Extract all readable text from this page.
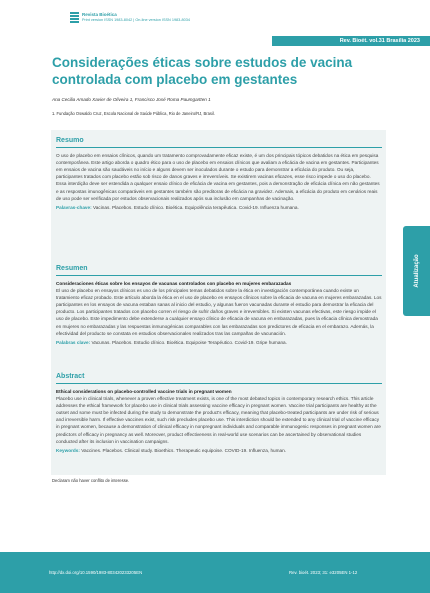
Revista Bioética
Print version ISSN 1983-8042 | On-line version ISSN 1983-8034
Rev. Bioét. vol.31 Brasília 2023
Considerações éticas sobre estudos de vacina controlada com placebo em gestantes
Ana Cecilia Amado Xavier de Oliveira 1, Francisco José Roma Paumgartten 1
1. Fundação Oswaldo Cruz, Escola Nacional de Saúde Pública, Rio de Janeiro/RJ, Brasil.
Resumo

O uso de placebo em ensaios clínicos, quando um tratamento comprovadamente eficaz existe, é um dos principais tópicos debatidos na ética em pesquisa contemporânea. Este artigo aborda o quadro ético para o uso de placebo em ensaios clínicos que avaliam a eficácia de vacina em gestantes. Participantes em ensaios de vacina são saudáveis no início e alguns devem ser inoculados durante o estudo para demonstrar a eficácia do produto. Ou seja, participantes tratados com placebo estão sob risco de danos graves e irreversíveis. Se existirem vacinas eficazes, esse risco impede o uso do placebo. Essa interdição deve ser estendida a qualquer ensaio clínico de eficácia de vacina em gestantes, pois a demonstração de eficácia clínica em não gestantes e as respostas imunogênicas comparáveis em gestantes também são preditoras de eficácia na gravidez. Ademais, a eficácia do produto em cenários reais de uso pode ser verificada por estudos observacionais realizados após sua inclusão em campanhas de vacinação.

Palavras-chave: Vacinas. Placebos. Estudo clínico. Bioética. Equipolência terapêutica. Covid-19. Influenza humana.

Resumen

Consideraciones éticas sobre los ensayos de vacunas controlados con placebo en mujeres embarazadas

El uso de placebo en ensayos clínicos es uno de los principales temas debatidos sobre la ética en investigación contemporánea cuando existe un tratamiento eficaz probado. Este artículo aborda la ética en el uso de placebo en ensayos clínicos sobre la eficacia de vacuna en mujeres embarazadas. Los participantes en los ensayos de vacuna estaban sanas al inicio del estudio, y algunas fueron vacunadas durante el estudio para demostrar la eficacia del producto. Los participantes tratados con placebo corren el riesgo de sufrir daños graves e irreversibles. Si existen vacunas efectivas, este riesgo impide el uso de placebo. Este impedimento debe extenderse a cualquier ensayo clínico de eficacia de vacuna en embarazadas, pues la eficacia clínica demostrada en mujeres no embarazadas y las respuestas inmunogénicas comparables con las embarazadas son predictores de eficacia en el embarazo. Además, la efectividad del producto se constata en estudios observacionales realizados tras las campañas de vacunación.

Palabras clave: Vacunas. Placebos. Estudio clínico. Bioética. Equipoise Terapéutico. Covid-19. Gripe humana.

Abstract

Ethical considerations on placebo-controlled vaccine trials in pregnant women

Placebo use in clinical trials, whenever a proven effective treatment exists, is one of the most debated topics in contemporary research ethics. This article addresses the ethical framework for placebo use in clinical trials assessing vaccine efficacy in pregnant women. Vaccine trial participants are healthy at the outset and some must be infected during the study to demonstrate the product's efficacy, meaning that placebo-treated participants are under risk of serious and irreversible harm. If effective vaccines exist, such risk precludes placebo use. This interdiction should be extended to any clinical trial of vaccine efficacy in pregnant women, because a demonstration of clinical efficacy in nonpregnant individuals and comparable immunogenic responses in pregnant women are predictors of efficacy in pregnancy as well. Moreover, product effectiveness in real-world use scenarios can be ascertained by observational studies conducted after its inclusion in vaccination campaigns.

Keywords: Vaccines. Placebos. Clinical study. Bioethics. Therapeutic equipoise. COVID-19. Influenza, human.

Atualização
Declaram não haver conflito de interesse.
http://dx.doi.org/10.1590/1983-803420233205EN	Rev. bioét. 2023; 31: e3205EN 1-12
